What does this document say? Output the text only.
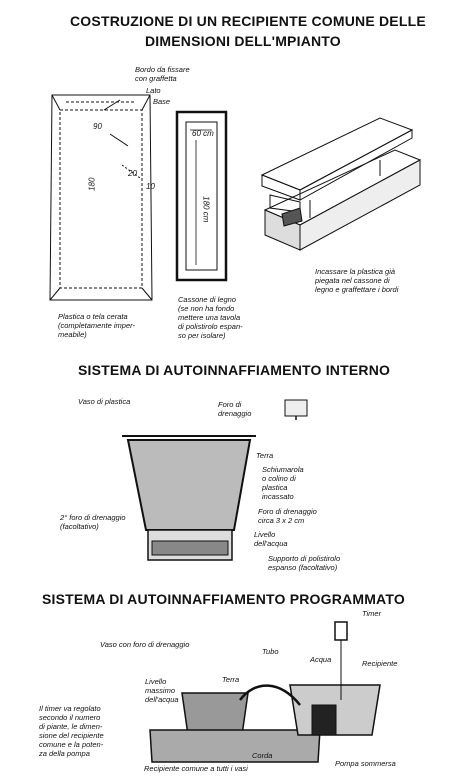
COSTRUZIONE DI UN RECIPIENTE COMUNE DELLE
DIMENSIONI DELL'MPIANTO
Bordo da fissare
con graffetta
Lato
Base
90
180
20
10
60 cm
180 cm
Plastica o tela cerata
(completamente imper-
meabile)
Cassone di legno
(se non ha fondo
mettere una tavola
di polistirolo espan-
so per isolare)
Incassare la plastica già
piegata nel cassone di
legno e graffettare i bordi
SISTEMA DI AUTOINNAFFIAMENTO INTERNO
Vaso di plastica	Foro di
drenaggio
Terra
Schiumarola
o colino di
plastica
incassato
2° foro di drenaggio
(facoltativo)
Foro di drenaggio
circa 3 x 2 cm
Livello
dell'acqua
Supporto di polistirolo
espanso (facoltativo)
SISTEMA DI AUTOINNAFFIAMENTO PROGRAMMATO
Timer
Vaso con foro di drenaggio
Tubo
Acqua	Recipiente
Livello
massimo
dell'acqua
Terra
Il timer va regolato
secondo il numero
di piante, le dimen-
sione del recipiente
comune e la poten-
za della pompa	Corda
Pompa sommersa
Recipiente comune a tutti i vasi
